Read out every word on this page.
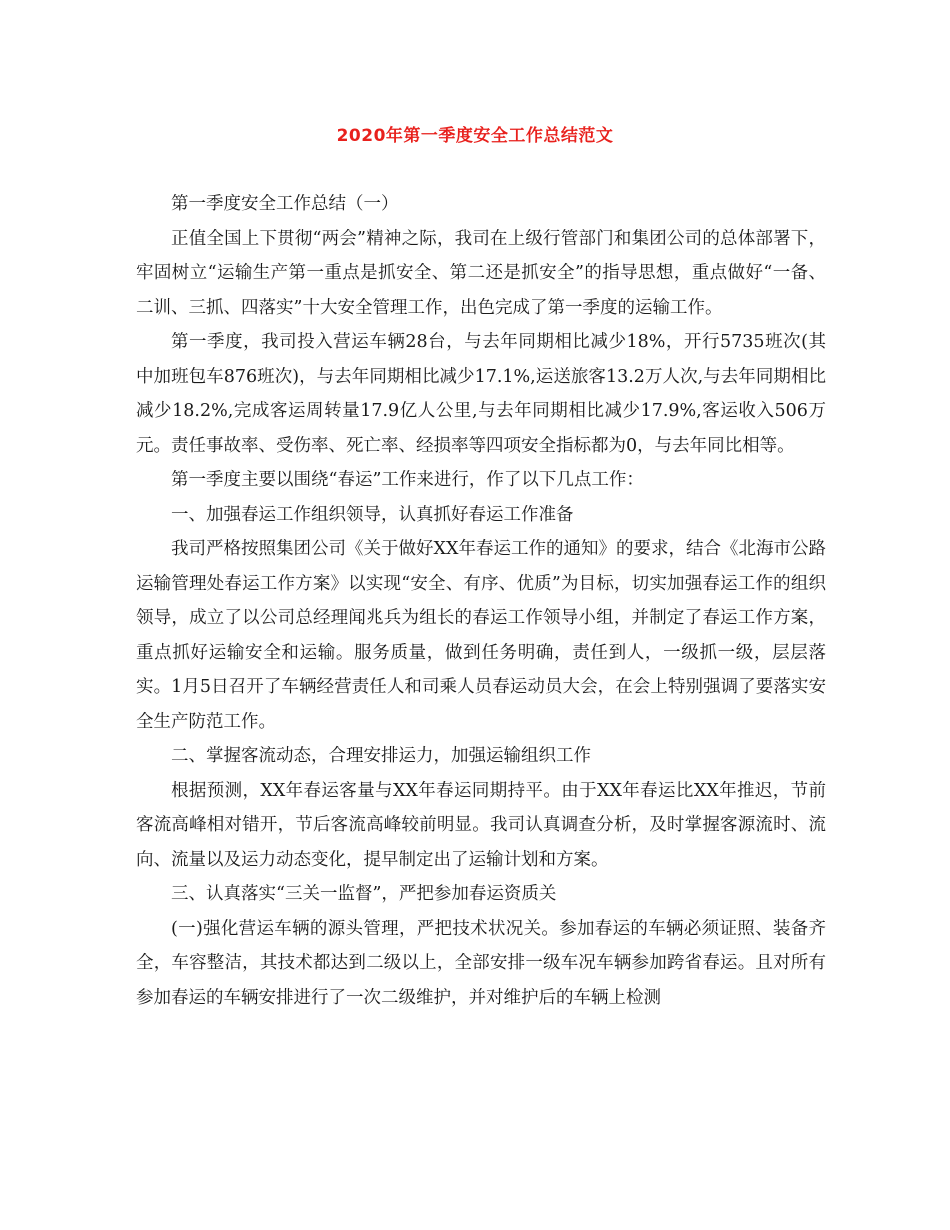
2020年第一季度安全工作总结范文

第一季度安全工作总结（一）

正值全国上下贯彻“两会”精神之际，我司在上级行管部门和集团公司的总体部署下，牢固树立“运输生产第一重点是抓安全、第二还是抓安全”的指导思想，重点做好“一备、二训、三抓、四落实”十大安全管理工作，出色完成了第一季度的运输工作。

第一季度，我司投入营运车辆28台，与去年同期相比减少18%，开行5735班次(其中加班包车876班次)，与去年同期相比减少17.1%,运送旅客13.2万人次,与去年同期相比减少18.2%,完成客运周转量17.9亿人公里,与去年同期相比减少17.9%,客运收入506万元。责任事故率、受伤率、死亡率、经损率等四项安全指标都为0，与去年同比相等。

第一季度主要以围绕“春运”工作来进行，作了以下几点工作：

一、加强春运工作组织领导，认真抓好春运工作准备

我司严格按照集团公司《关于做好XX年春运工作的通知》的要求，结合《北海市公路运输管理处春运工作方案》以实现“安全、有序、优质”为目标，切实加强春运工作的组织领导，成立了以公司总经理闻兆兵为组长的春运工作领导小组，并制定了春运工作方案，重点抓好运输安全和运输。服务质量，做到任务明确，责任到人，一级抓一级，层层落实。1月5日召开了车辆经营责任人和司乘人员春运动员大会，在会上特别强调了要落实安全生产防范工作。

二、掌握客流动态，合理安排运力，加强运输组织工作

根据预测，XX年春运客量与XX年春运同期持平。由于XX年春运比XX年推迟，节前客流高峰相对错开，节后客流高峰较前明显。我司认真调查分析，及时掌握客源流时、流向、流量以及运力动态变化，提早制定出了运输计划和方案。

三、认真落实“三关一监督”，严把参加春运资质关

(一)强化营运车辆的源头管理，严把技术状况关。参加春运的车辆必须证照、装备齐全，车容整洁，其技术都达到二级以上，全部安排一级车况车辆参加跨省春运。且对所有参加春运的车辆安排进行了一次二级维护，并对维护后的车辆上检测
